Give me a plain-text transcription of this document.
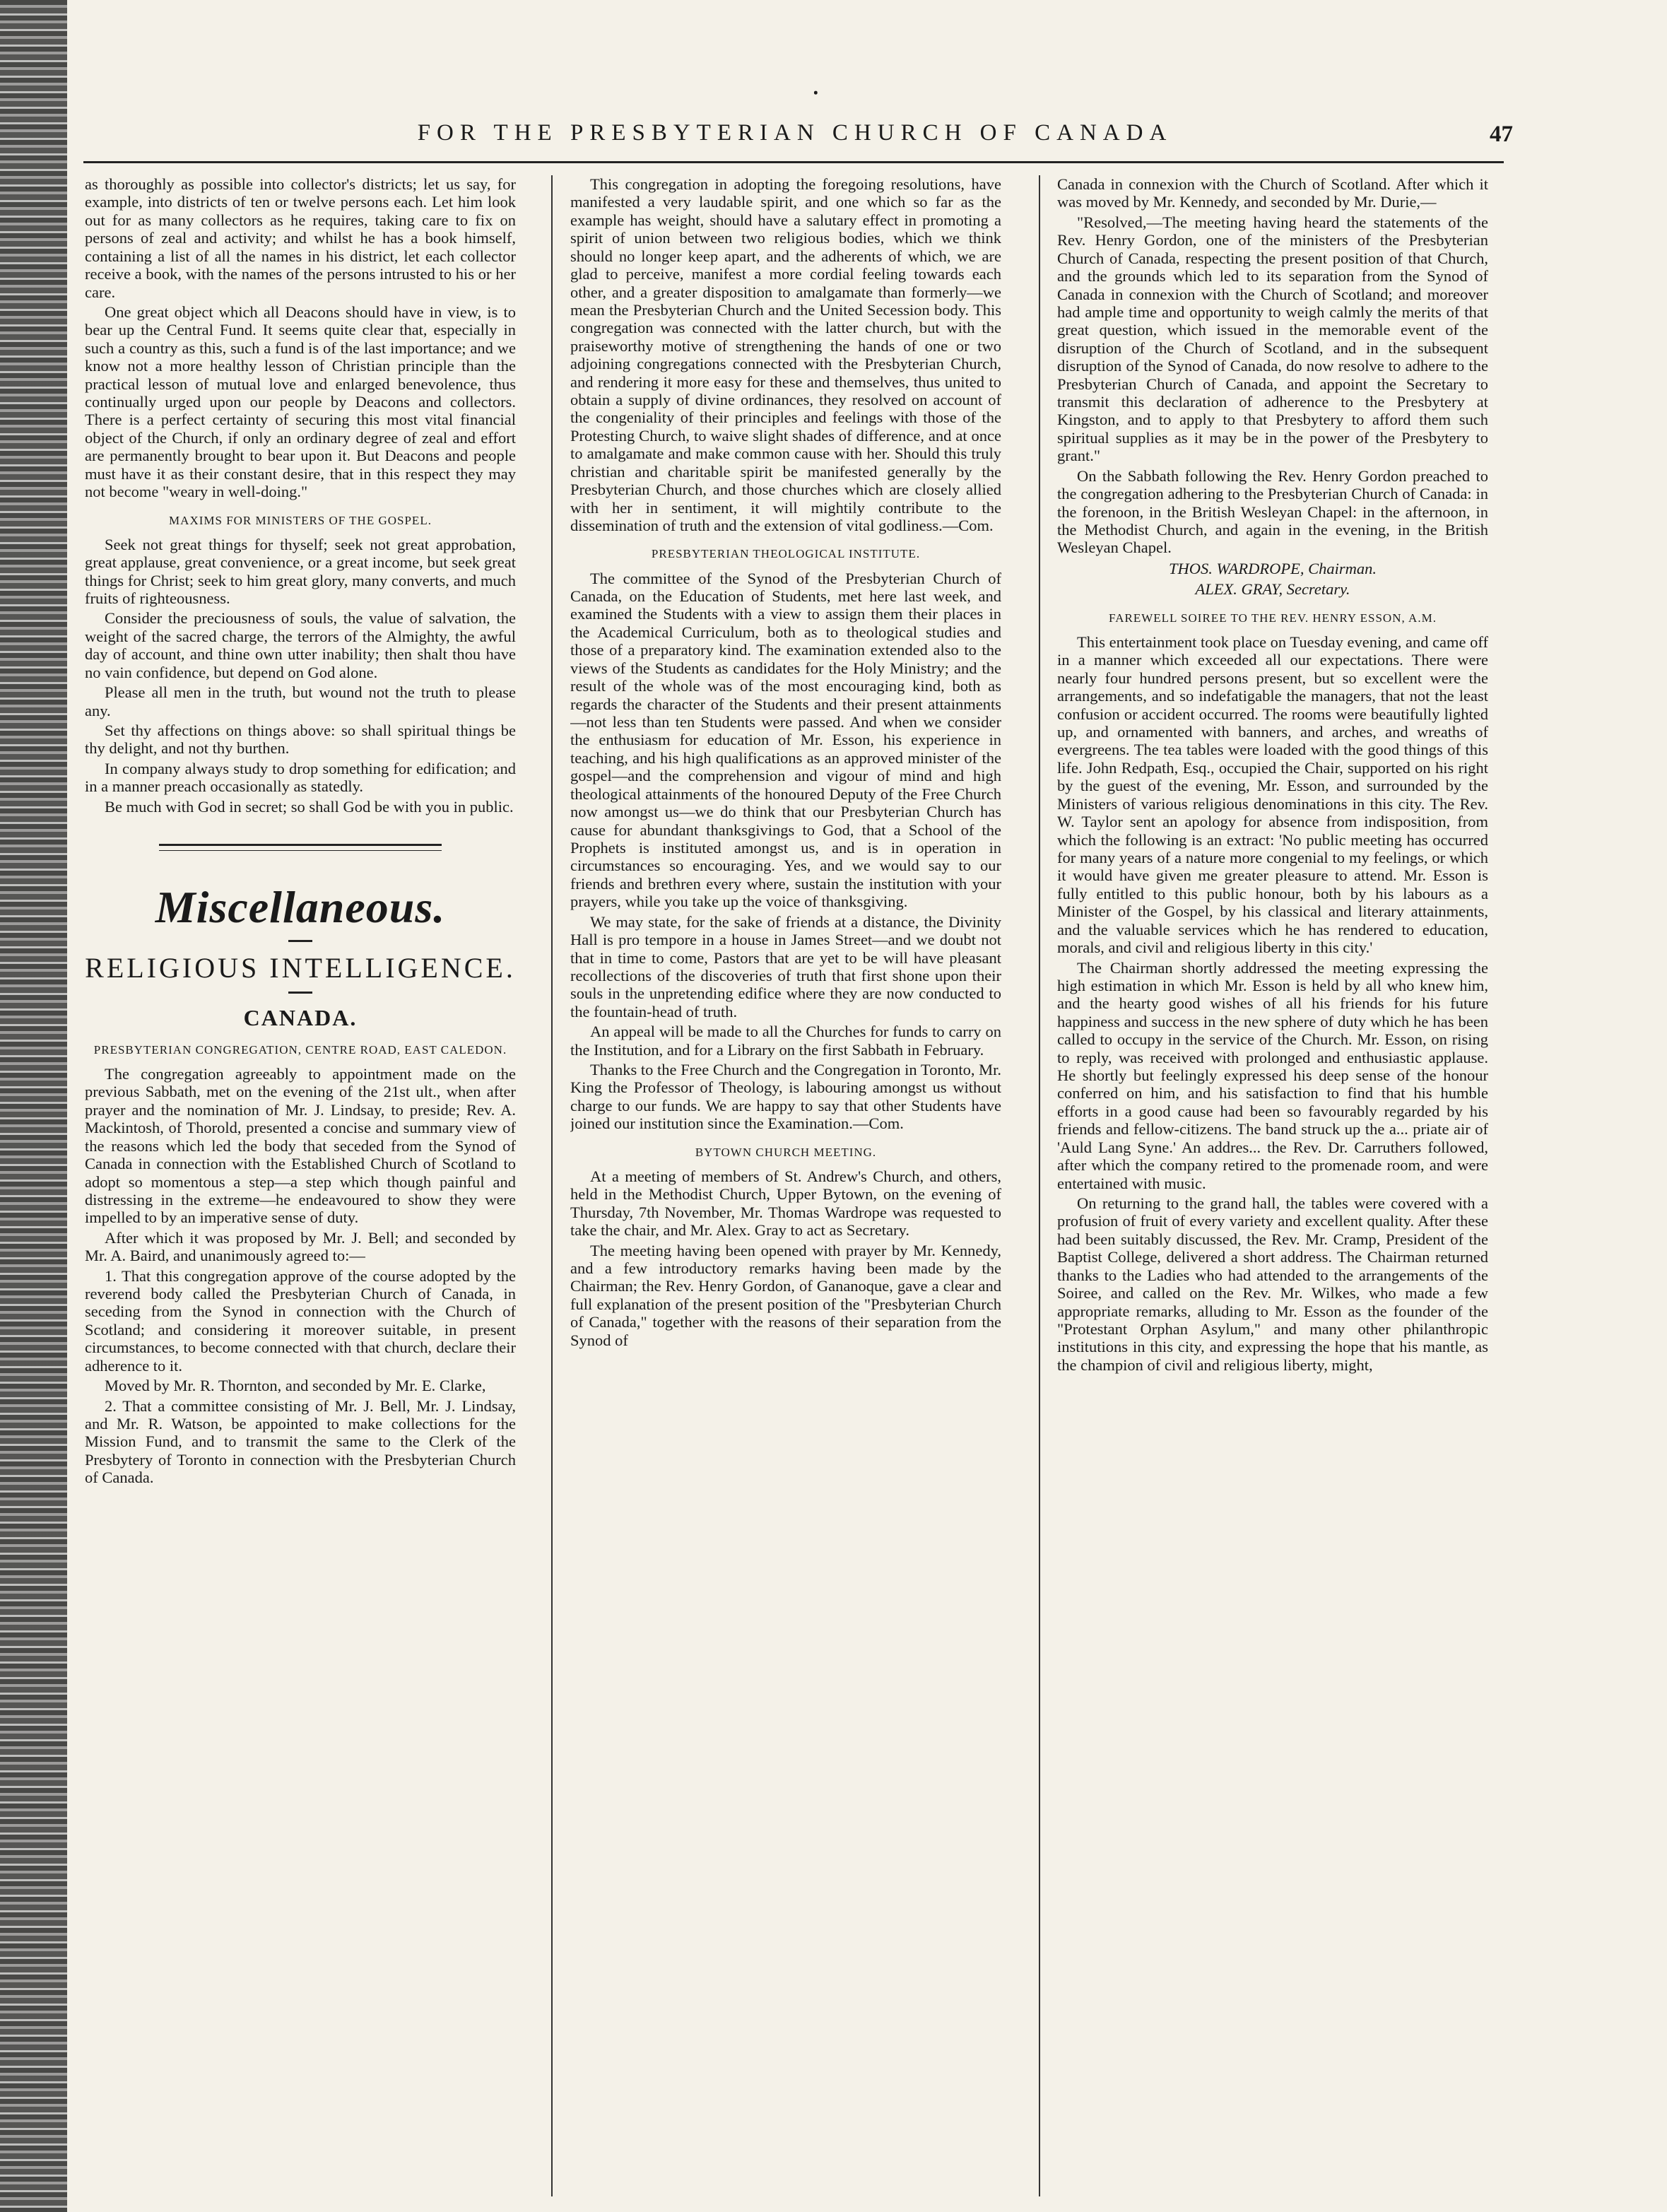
ꞏ
FOR THE PRESBYTERIAN CHURCH OF CANADA	47

as thoroughly as possible into collector's districts; let us say, for example, into districts of ten or twelve persons each. Let him look out for as many collectors as he requires, taking care to fix on persons of zeal and activity; and whilst he has a book himself, containing a list of all the names in his district, let each collector receive a book, with the names of the persons intrusted to his or her care.

One great object which all Deacons should have in view, is to bear up the Central Fund. It seems quite clear that, especially in such a country as this, such a fund is of the last importance; and we know not a more healthy lesson of Christian principle than the practical lesson of mutual love and enlarged benevolence, thus continually urged upon our people by Deacons and collectors. There is a perfect certainty of securing this most vital financial object of the Church, if only an ordinary degree of zeal and effort are permanently brought to bear upon it. But Deacons and people must have it as their constant desire, that in this respect they may not become "weary in well-doing."

MAXIMS FOR MINISTERS OF THE GOSPEL.

Seek not great things for thyself; seek not great approbation, great applause, great convenience, or a great income, but seek great things for Christ; seek to him great glory, many converts, and much fruits of righteousness.

Consider the preciousness of souls, the value of salvation, the weight of the sacred charge, the terrors of the Almighty, the awful day of account, and thine own utter inability; then shalt thou have no vain confidence, but depend on God alone.

Please all men in the truth, but wound not the truth to please any.

Set thy affections on things above: so shall spiritual things be thy delight, and not thy burthen.

In company always study to drop something for edification; and in a manner preach occasionally as statedly.

Be much with God in secret; so shall God be with you in public.

Miscellaneous.
RELIGIOUS INTELLIGENCE.
CANADA.
PRESBYTERIAN CONGREGATION, CENTRE ROAD, EAST CALEDON.

The congregation agreeably to appointment made on the previous Sabbath, met on the evening of the 21st ult., when after prayer and the nomination of Mr. J. Lindsay, to preside; Rev. A. Mackintosh, of Thorold, presented a concise and summary view of the reasons which led the body that seceded from the Synod of Canada in connection with the Established Church of Scotland to adopt so momentous a step—a step which though painful and distressing in the extreme—he endeavoured to show they were impelled to by an imperative sense of duty.

After which it was proposed by Mr. J. Bell; and seconded by Mr. A. Baird, and unanimously agreed to:—

1. That this congregation approve of the course adopted by the reverend body called the Presbyterian Church of Canada, in seceding from the Synod in connection with the Church of Scotland; and considering it moreover suitable, in present circumstances, to become connected with that church, declare their adherence to it.

Moved by Mr. R. Thornton, and seconded by Mr. E. Clarke,

2. That a committee consisting of Mr. J. Bell, Mr. J. Lindsay, and Mr. R. Watson, be appointed to make collections for the Mission Fund, and to transmit the same to the Clerk of the Presbytery of Toronto in connection with the Presbyterian Church of Canada.

This congregation in adopting the foregoing resolutions, have manifested a very laudable spirit, and one which so far as the example has weight, should have a salutary effect in promoting a spirit of union between two religious bodies, which we think should no longer keep apart, and the adherents of which, we are glad to perceive, manifest a more cordial feeling towards each other, and a greater disposition to amalgamate than formerly—we mean the Presbyterian Church and the United Secession body. This congregation was connected with the latter church, but with the praiseworthy motive of strengthening the hands of one or two adjoining congregations connected with the Presbyterian Church, and rendering it more easy for these and themselves, thus united to obtain a supply of divine ordinances, they resolved on account of the congeniality of their principles and feelings with those of the Protesting Church, to waive slight shades of difference, and at once to amalgamate and make common cause with her. Should this truly christian and charitable spirit be manifested generally by the Presbyterian Church, and those churches which are closely allied with her in sentiment, it will mightily contribute to the dissemination of truth and the extension of vital godliness.—Com.

PRESBYTERIAN THEOLOGICAL INSTITUTE.

The committee of the Synod of the Presbyterian Church of Canada, on the Education of Students, met here last week, and examined the Students with a view to assign them their places in the Academical Curriculum, both as to theological studies and those of a preparatory kind. The examination extended also to the views of the Students as candidates for the Holy Ministry; and the result of the whole was of the most encouraging kind, both as regards the character of the Students and their present attainments—not less than ten Students were passed. And when we consider the enthusiasm for education of Mr. Esson, his experience in teaching, and his high qualifications as an approved minister of the gospel—and the comprehension and vigour of mind and high theological attainments of the honoured Deputy of the Free Church now amongst us—we do think that our Presbyterian Church has cause for abundant thanksgivings to God, that a School of the Prophets is instituted amongst us, and is in operation in circumstances so encouraging. Yes, and we would say to our friends and brethren every where, sustain the institution with your prayers, while you take up the voice of thanksgiving.

We may state, for the sake of friends at a distance, the Divinity Hall is pro tempore in a house in James Street—and we doubt not that in time to come, Pastors that are yet to be will have pleasant recollections of the discoveries of truth that first shone upon their souls in the unpretending edifice where they are now conducted to the fountain-head of truth.

An appeal will be made to all the Churches for funds to carry on the Institution, and for a Library on the first Sabbath in February.

Thanks to the Free Church and the Congregation in Toronto, Mr. King the Professor of Theology, is labouring amongst us without charge to our funds. We are happy to say that other Students have joined our institution since the Examination.—Com.

BYTOWN CHURCH MEETING.

At a meeting of members of St. Andrew's Church, and others, held in the Methodist Church, Upper Bytown, on the evening of Thursday, 7th November, Mr. Thomas Wardrope was requested to take the chair, and Mr. Alex. Gray to act as Secretary.

The meeting having been opened with prayer by Mr. Kennedy, and a few introductory remarks having been made by the Chairman; the Rev. Henry Gordon, of Gananoque, gave a clear and full explanation of the present position of the "Presbyterian Church of Canada," together with the reasons of their separation from the Synod of

Canada in connexion with the Church of Scotland. After which it was moved by Mr. Kennedy, and seconded by Mr. Durie,—

"Resolved,—The meeting having heard the statements of the Rev. Henry Gordon, one of the ministers of the Presbyterian Church of Canada, respecting the present position of that Church, and the grounds which led to its separation from the Synod of Canada in connexion with the Church of Scotland; and moreover had ample time and opportunity to weigh calmly the merits of that great question, which issued in the memorable event of the disruption of the Church of Scotland, and in the subsequent disruption of the Synod of Canada, do now resolve to adhere to the Presbyterian Church of Canada, and appoint the Secretary to transmit this declaration of adherence to the Presbytery at Kingston, and to apply to that Presbytery to afford them such spiritual supplies as it may be in the power of the Presbytery to grant."

On the Sabbath following the Rev. Henry Gordon preached to the congregation adhering to the Presbyterian Church of Canada: in the forenoon, in the British Wesleyan Chapel: in the afternoon, in the Methodist Church, and again in the evening, in the British Wesleyan Chapel.

THOS. WARDROPE, Chairman.

ALEX. GRAY, Secretary.

FAREWELL SOIREE TO THE REV. HENRY ESSON, A.M.

This entertainment took place on Tuesday evening, and came off in a manner which exceeded all our expectations. There were nearly four hundred persons present, but so excellent were the arrangements, and so indefatigable the managers, that not the least confusion or accident occurred. The rooms were beautifully lighted up, and ornamented with banners, and arches, and wreaths of evergreens. The tea tables were loaded with the good things of this life. John Redpath, Esq., occupied the Chair, supported on his right by the guest of the evening, Mr. Esson, and surrounded by the Ministers of various religious denominations in this city. The Rev. W. Taylor sent an apology for absence from indisposition, from which the following is an extract: 'No public meeting has occurred for many years of a nature more congenial to my feelings, or which it would have given me greater pleasure to attend. Mr. Esson is fully entitled to this public honour, both by his labours as a Minister of the Gospel, by his classical and literary attainments, and the valuable services which he has rendered to education, morals, and civil and religious liberty in this city.'

The Chairman shortly addressed the meeting expressing the high estimation in which Mr. Esson is held by all who knew him, and the hearty good wishes of all his friends for his future happiness and success in the new sphere of duty which he has been called to occupy in the service of the Church. Mr. Esson, on rising to reply, was received with prolonged and enthusiastic applause. He shortly but feelingly expressed his deep sense of the honour conferred on him, and his satisfaction to find that his humble efforts in a good cause had been so favourably regarded by his friends and fellow-citizens. The band struck up the a... priate air of 'Auld Lang Syne.' An addres... the Rev. Dr. Carruthers followed, after which the company retired to the promenade room, and were entertained with music.

On returning to the grand hall, the tables were covered with a profusion of fruit of every variety and excellent quality. After these had been suitably discussed, the Rev. Mr. Cramp, President of the Baptist College, delivered a short address. The Chairman returned thanks to the Ladies who had attended to the arrangements of the Soiree, and called on the Rev. Mr. Wilkes, who made a few appropriate remarks, alluding to Mr. Esson as the founder of the "Protestant Orphan Asylum," and many other philanthropic institutions in this city, and expressing the hope that his mantle, as the champion of civil and religious liberty, might,
